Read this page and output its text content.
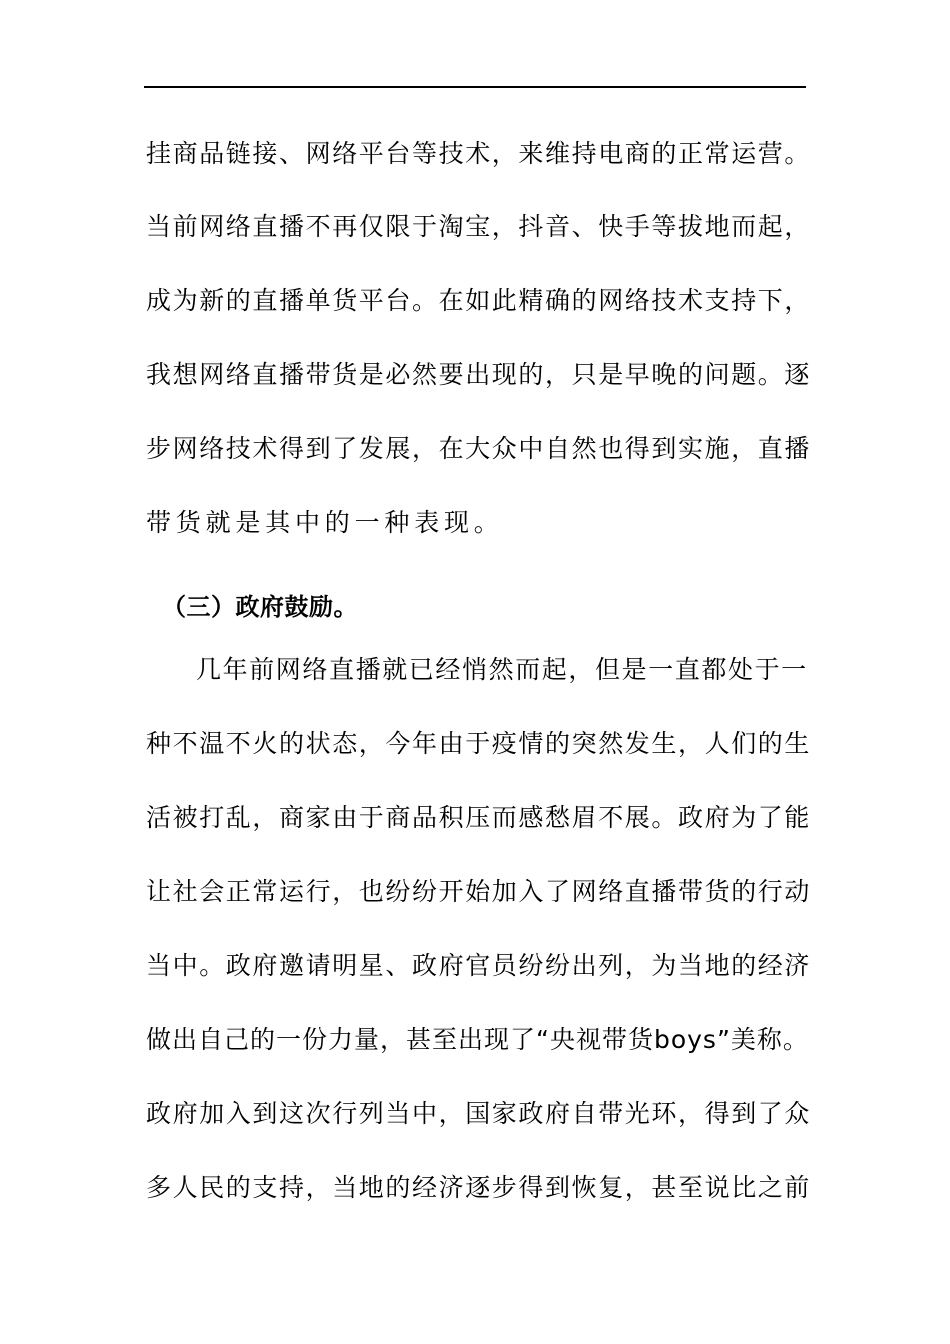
挂商品链接、网络平台等技术，来维持电商的正常运营。
当前网络直播不再仅限于淘宝，抖音、快手等拔地而起，
成为新的直播单货平台。在如此精确的网络技术支持下，
我想网络直播带货是必然要出现的，只是早晚的问题。逐
步网络技术得到了发展，在大众中自然也得到实施，直播
带货就是其中的一种表现。
（三）政府鼓励。
几年前网络直播就已经悄然而起，但是一直都处于一
种不温不火的状态，今年由于疫情的突然发生，人们的生
活被打乱，商家由于商品积压而感愁眉不展。政府为了能
让社会正常运行，也纷纷开始加入了网络直播带货的行动
当中。政府邀请明星、政府官员纷纷出列，为当地的经济
做出自己的一份力量，甚至出现了“央视带货boys”美称。
政府加入到这次行列当中，国家政府自带光环，得到了众
多人民的支持，当地的经济逐步得到恢复，甚至说比之前
